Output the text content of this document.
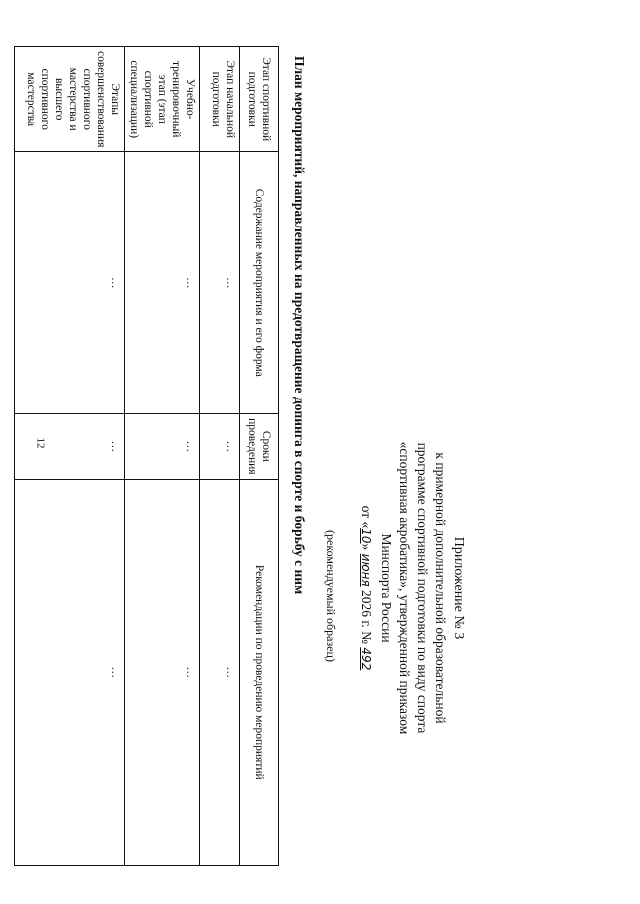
12
Приложение № 3
к примерной дополнительной образовательной
программе спортивной подготовки по виду спорта
«спортивная акробатика», утвержденной приказом
Минспорта России
от «10» июня 2026 г. № 492
(рекомендуемый образец)
План мероприятий, направленных на предотвращение допинга в спорте и борьбу с ним
Этап спортивной подготовки	Содержание мероприятия и его форма	Сроки проведения	Рекомендации по проведению мероприятий
Этап начальной подготовки	…	…	…
Учебно-тренировочный этап (этап спортивной специализации)	…	…	…
Этапы совершенствования спортивного мастерства и высшего спортивного мастерства	…	…	…
